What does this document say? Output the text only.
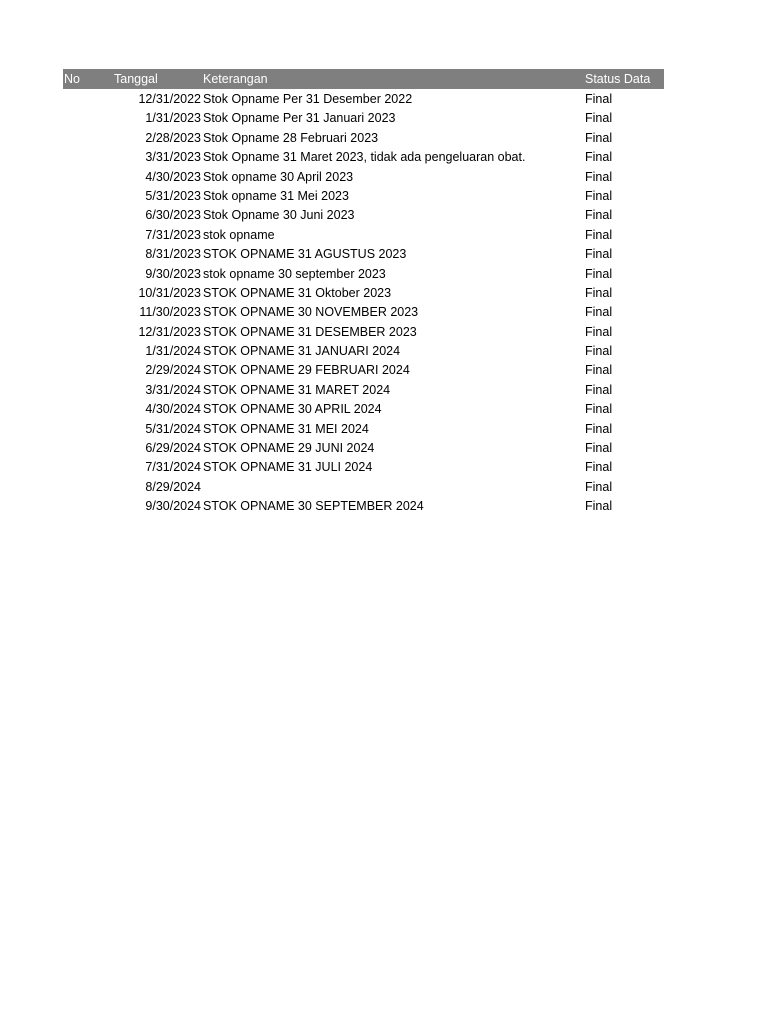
No	Tanggal	Keterangan	Status Data
12/31/2022 Stok Opname Per 31 Desember 2022	Final
1/31/2023 Stok Opname Per 31 Januari 2023	Final
2/28/2023 Stok Opname 28 Februari 2023	Final
3/31/2023 Stok Opname 31 Maret 2023, tidak ada pengeluaran obat.	Final
4/30/2023 Stok opname 30 April 2023	Final
5/31/2023 Stok opname 31 Mei 2023	Final
6/30/2023 Stok Opname 30 Juni 2023	Final
7/31/2023 stok opname	Final
8/31/2023 STOK OPNAME 31 AGUSTUS 2023	Final
9/30/2023 stok opname 30 september 2023	Final
10/31/2023 STOK OPNAME 31 Oktober 2023	Final
11/30/2023 STOK OPNAME 30 NOVEMBER 2023	Final
12/31/2023 STOK OPNAME 31 DESEMBER 2023	Final
1/31/2024 STOK OPNAME 31 JANUARI 2024	Final
2/29/2024 STOK OPNAME 29 FEBRUARI 2024	Final
3/31/2024 STOK OPNAME 31 MARET 2024	Final
4/30/2024 STOK OPNAME 30 APRIL 2024	Final
5/31/2024 STOK OPNAME 31 MEI 2024	Final
6/29/2024 STOK OPNAME 29 JUNI 2024	Final
7/31/2024 STOK OPNAME 31 JULI 2024	Final
8/29/2024	Final
9/30/2024 STOK OPNAME 30 SEPTEMBER 2024	Final
